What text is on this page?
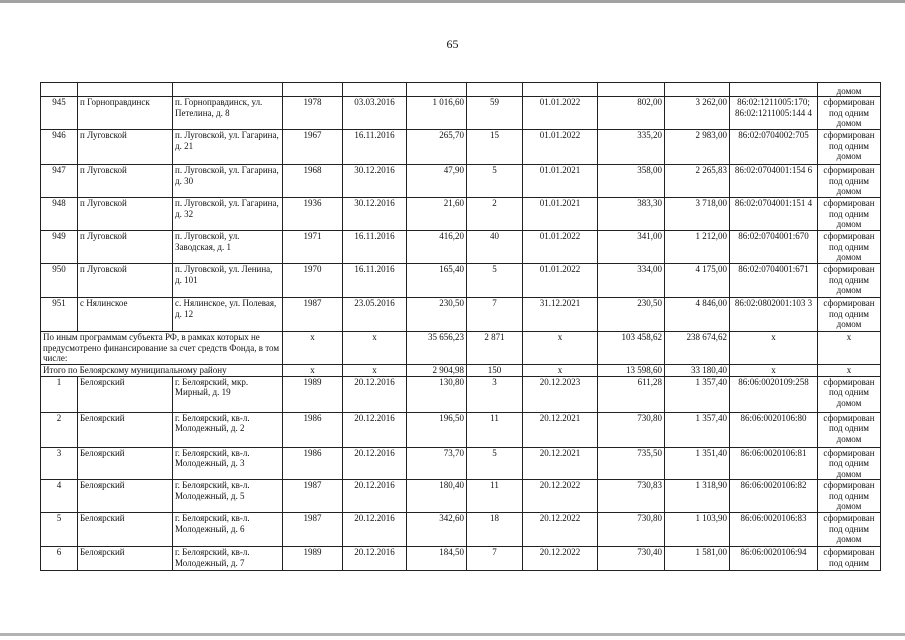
65
											домом
945	п Горноправдинск	п. Горноправдинск, ул. Петелина, д. 8	1978	03.03.2016	1 016,60	59	01.01.2022	802,00	3 262,00	86:02:1211005:170; 86:02:1211005:144 4	сформирован под одним домом
946	п Луговской	п. Луговской, ул. Гагарина, д. 21	1967	16.11.2016	265,70	15	01.01.2022	335,20	2 983,00	86:02:0704002:705	сформирован под одним домом
947	п Луговской	п. Луговской, ул. Гагарина, д. 30	1968	30.12.2016	47,90	5	01.01.2021	358,00	2 265,83	86:02:0704001:154 6	сформирован под одним домом
948	п Луговской	п. Луговской, ул. Гагарина, д. 32	1936	30.12.2016	21,60	2	01.01.2021	383,30	3 718,00	86:02:0704001:151 4	сформирован под одним домом
949	п Луговской	п. Луговской, ул. Заводская, д. 1	1971	16.11.2016	416,20	40	01.01.2022	341,00	1 212,00	86:02:0704001:670	сформирован под одним домом
950	п Луговской	п. Луговской, ул. Ленина, д. 101	1970	16.11.2016	165,40	5	01.01.2022	334,00	4 175,00	86:02:0704001:671	сформирован под одним домом
951	с Нялинское	с. Нялинское, ул. Полевая, д. 12	1987	23.05.2016	230,50	7	31.12.2021	230,50	4 846,00	86:02:0802001:103 3	сформирован под одним домом
По иным программам субъекта РФ, в рамках которых не предусмотрено финансирование за счет средств Фонда, в том числе:			x	x	35 656,23	2 871	x	103 458,62	238 674,62	x	x
Итого по Белоярскому муниципальному району			x	x	2 904,98	150	x	13 598,60	33 180,40	x	x
1	Белоярский	г. Белоярский, мкр. Мирный, д. 19	1989	20.12.2016	130,80	3	20.12.2023	611,28	1 357,40	86:06:0020109:258	сформирован под одним домом
2	Белоярский	г. Белоярский, кв-л. Молодежный, д. 2	1986	20.12.2016	196,50	11	20.12.2021	730,80	1 357,40	86:06:0020106:80	сформирован под одним домом
3	Белоярский	г. Белоярский, кв-л. Молодежный, д. 3	1986	20.12.2016	73,70	5	20.12.2021	735,50	1 351,40	86:06:0020106:81	сформирован под одним домом
4	Белоярский	г. Белоярский, кв-л. Молодежный, д. 5	1987	20.12.2016	180,40	11	20.12.2022	730,83	1 318,90	86:06:0020106:82	сформирован под одним домом
5	Белоярский	г. Белоярский, кв-л. Молодежный, д. 6	1987	20.12.2016	342,60	18	20.12.2022	730,80	1 103,90	86:06:0020106:83	сформирован под одним домом
6	Белоярский	г. Белоярский, кв-л. Молодежный, д. 7	1989	20.12.2016	184,50	7	20.12.2022	730,40	1 581,00	86:06:0020106:94	сформирован под одним
